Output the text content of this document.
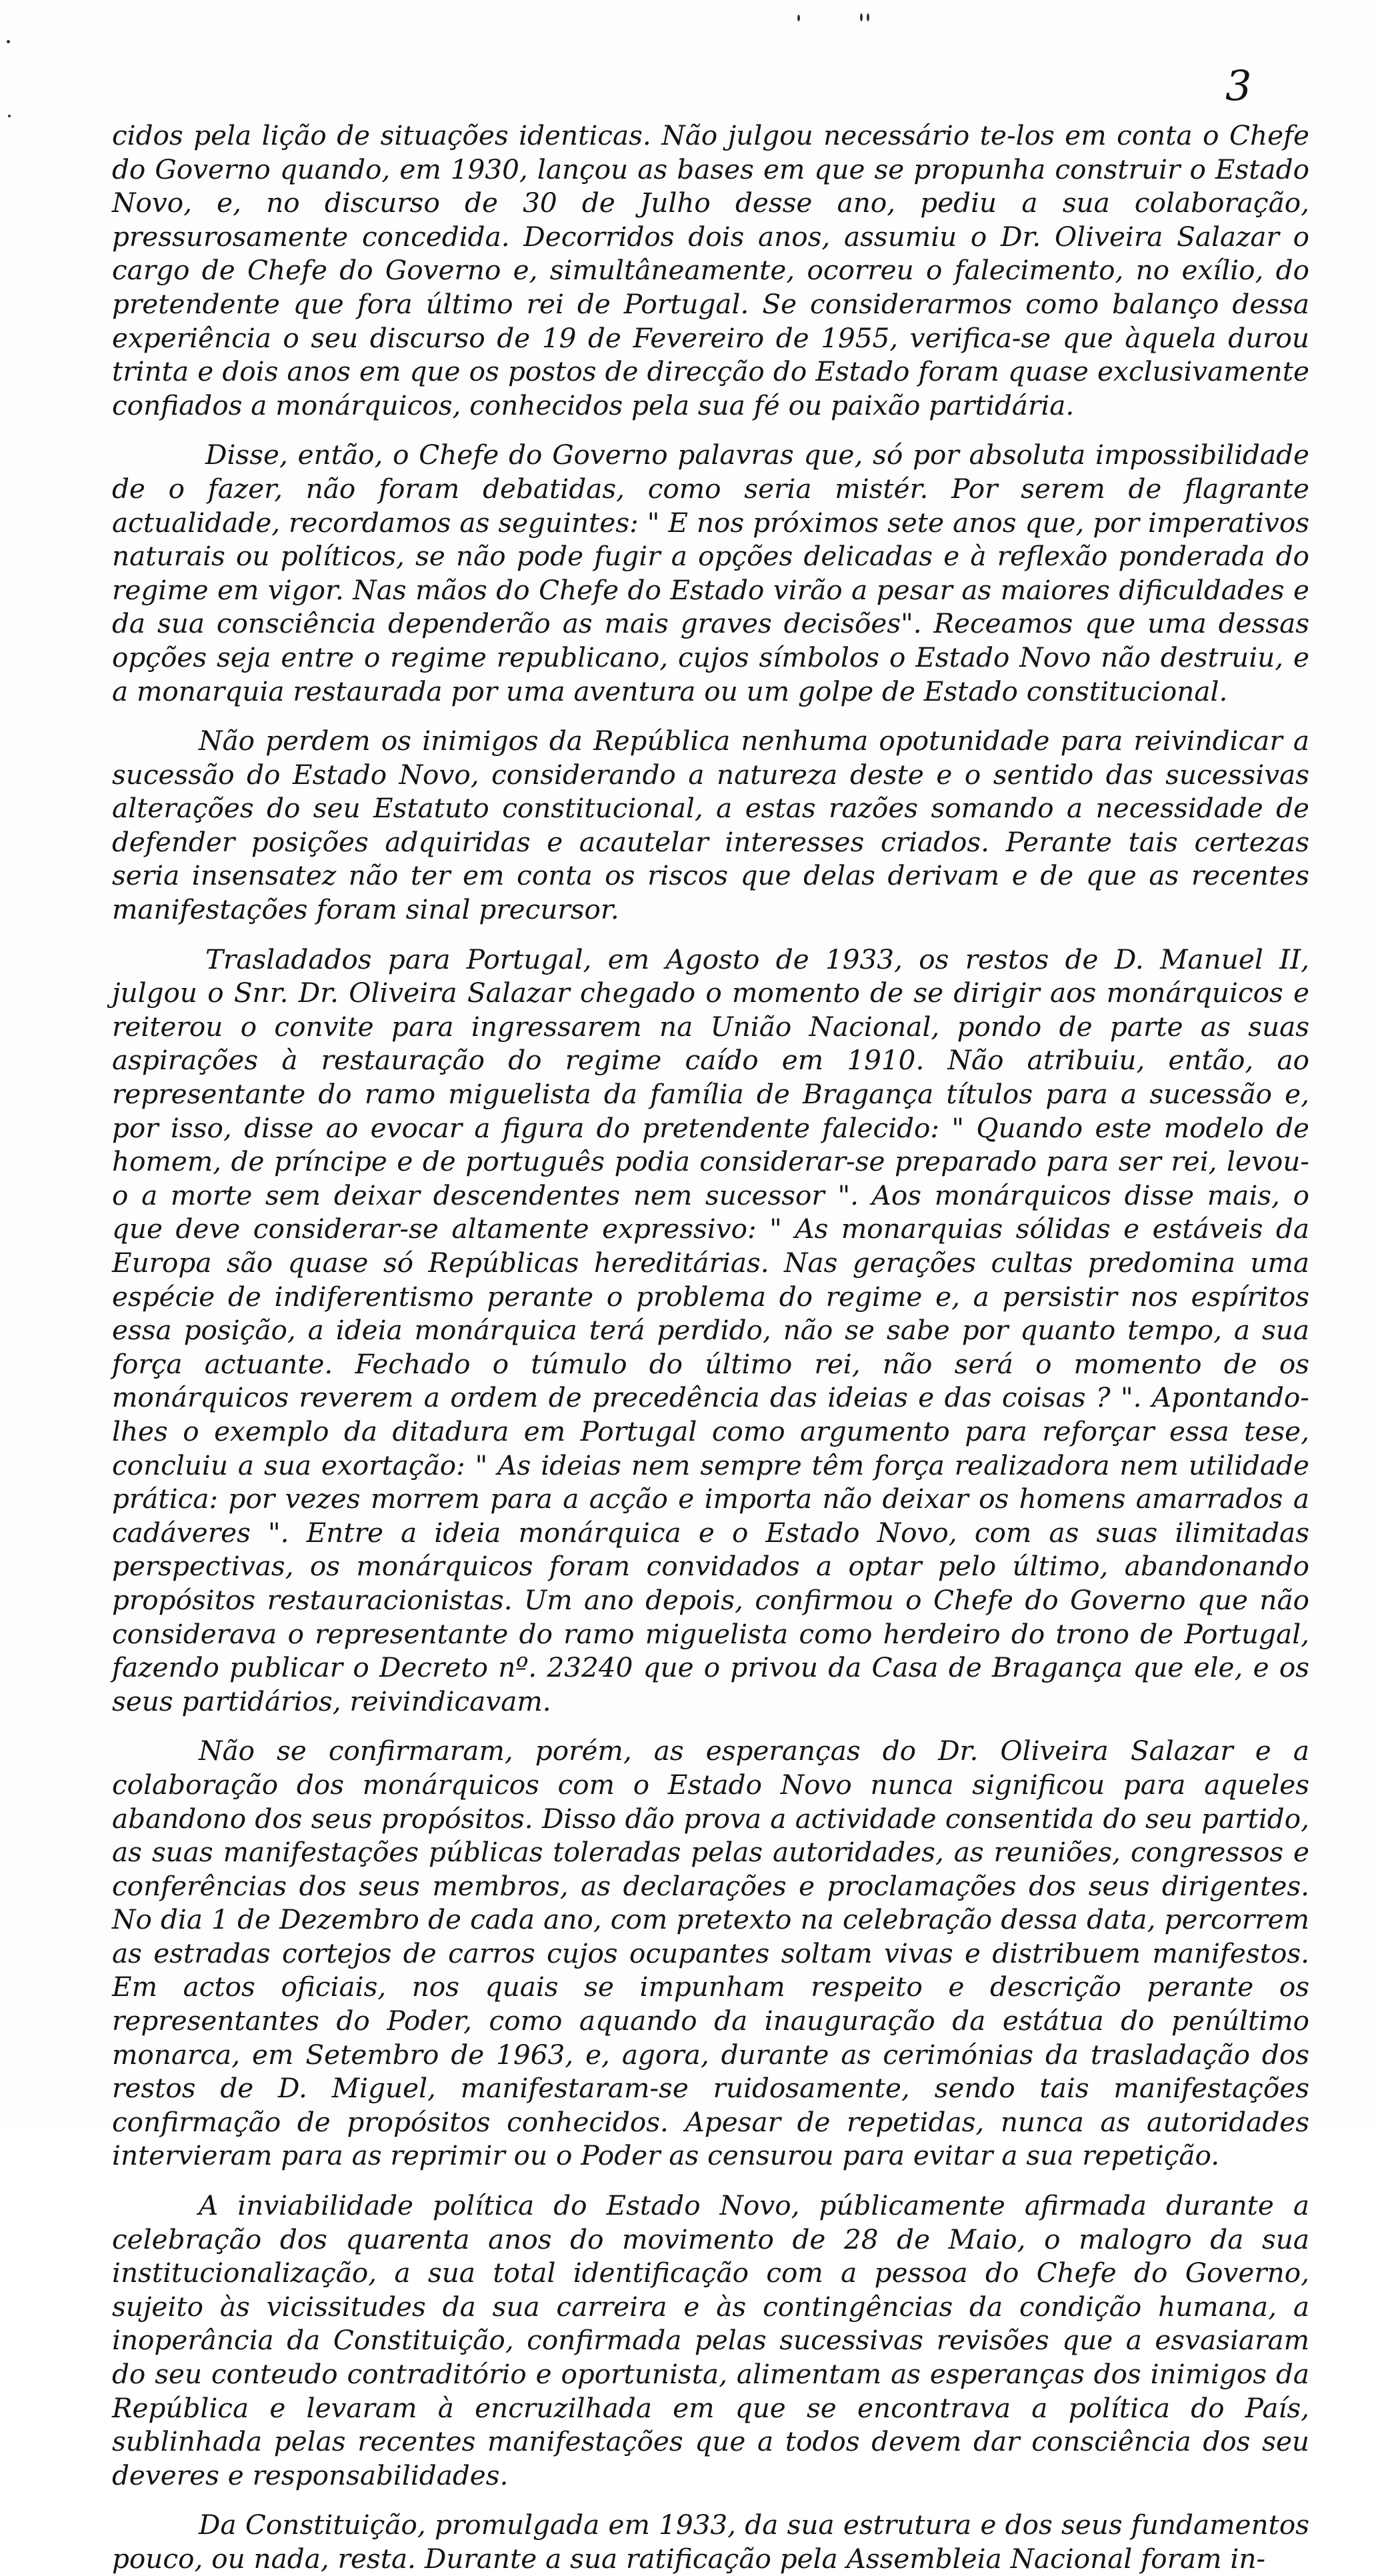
3

cidos pela lição de situações identicas. Não julgou necessário te-los em conta o Chefe do Governo quando, em 1930, lançou as bases em que se propunha construir o Estado Novo, e, no discurso de 30 de Julho desse ano, pediu a sua colaboração, pressurosamente concedida. Decorridos dois anos, assumiu o Dr. Oliveira Salazar o cargo de Chefe do Governo e, simultâneamente, ocorreu o falecimento, no exílio, do pretendente que fora último rei de Portugal. Se considerarmos como balanço dessa experiência o seu discurso de 19 de Fevereiro de 1955, verifica-se que àquela durou trinta e dois anos em que os postos de direcção do Estado foram quase exclusivamente confiados a monárquicos, conhecidos pela sua fé ou paixão partidária.

Disse, então, o Chefe do Governo palavras que, só por absoluta impossibilidade de o fazer, não foram debatidas, como seria mistér. Por serem de flagrante actualidade, recordamos as seguintes: " E nos próximos sete anos que, por imperativos naturais ou políticos, se não pode fugir a opções delicadas e à reflexão ponderada do regime em vigor. Nas mãos do Chefe do Estado virão a pesar as maiores dificuldades e da sua consciência dependerão as mais graves decisões". Receamos que uma dessas opções seja entre o regime republicano, cujos símbolos o Estado Novo não destruiu, e a monarquia restaurada por uma aventura ou um golpe de Estado constitucional.

Não perdem os inimigos da República nenhuma opotunidade para reivindicar a sucessão do Estado Novo, considerando a natureza deste e o sentido das sucessivas alterações do seu Estatuto constitucional, a estas razões somando a necessidade de defender posições adquiridas e acautelar interesses criados. Perante tais certezas seria insensatez não ter em conta os riscos que delas derivam e de que as recentes manifestações foram sinal precursor.

Trasladados para Portugal, em Agosto de 1933, os restos de D. Manuel II, julgou o Snr. Dr. Oliveira Salazar chegado o momento de se dirigir aos monárquicos e reiterou o convite para ingressarem na União Nacional, pondo de parte as suas aspirações à restauração do regime caído em 1910. Não atribuiu, então, ao representante do ramo miguelista da família de Bragança títulos para a sucessão e, por isso, disse ao evocar a figura do pretendente falecido: " Quando este modelo de homem, de príncipe e de português podia considerar-se preparado para ser rei, levou-o a morte sem deixar descendentes nem sucessor ". Aos monárquicos disse mais, o que deve considerar-se altamente expressivo: " As monarquias sólidas e estáveis da Europa são quase só Repúblicas hereditárias. Nas gerações cultas predomina uma espécie de indiferentismo perante o problema do regime e, a persistir nos espíritos essa posição, a ideia monárquica terá perdido, não se sabe por quanto tempo, a sua força actuante. Fechado o túmulo do último rei, não será o momento de os monárquicos reverem a ordem de precedência das ideias e das coisas ? ". Apontando-lhes o exemplo da ditadura em Portugal como argumento para reforçar essa tese, concluiu a sua exortação: " As ideias nem sempre têm força realizadora nem utilidade prática: por vezes morrem para a acção e importa não deixar os homens amarrados a cadáveres ". Entre a ideia monárquica e o Estado Novo, com as suas ilimitadas perspectivas, os monárquicos foram convidados a optar pelo último, abandonando propósitos restauracionistas. Um ano depois, confirmou o Chefe do Governo que não considerava o representante do ramo miguelista como herdeiro do trono de Portugal, fazendo publicar o Decreto nº. 23240 que o privou da Casa de Bragança que ele, e os seus partidários, reivindicavam.

Não se confirmaram, porém, as esperanças do Dr. Oliveira Salazar e a colaboração dos monárquicos com o Estado Novo nunca significou para aqueles abandono dos seus propósitos. Disso dão prova a actividade consentida do seu partido, as suas manifestações públicas toleradas pelas autoridades, as reuniões, congressos e conferências dos seus membros, as declarações e proclamações dos seus dirigentes. No dia 1 de Dezembro de cada ano, com pretexto na celebração dessa data, percorrem as estradas cortejos de carros cujos ocupantes soltam vivas e distribuem manifestos. Em actos oficiais, nos quais se impunham respeito e descrição perante os representantes do Poder, como aquando da inauguração da estátua do penúltimo monarca, em Setembro de 1963, e, agora, durante as cerimónias da trasladação dos restos de D. Miguel, manifestaram-se ruidosamente, sendo tais manifestações confirmação de propósitos conhecidos. Apesar de repetidas, nunca as autoridades intervieram para as reprimir ou o Poder as censurou para evitar a sua repetição.

A inviabilidade política do Estado Novo, públicamente afirmada durante a celebração dos quarenta anos do movimento de 28 de Maio, o malogro da sua institucionalização, a sua total identificação com a pessoa do Chefe do Governo, sujeito às vicissitudes da sua carreira e às contingências da condição humana, a inoperância da Constituição, confirmada pelas sucessivas revisões que a esvasiaram do seu conteudo contraditório e oportunista, alimentam as esperanças dos inimigos da República e levaram à encruzilhada em que se encontrava a política do País, sublinhada pelas recentes manifestações que a todos devem dar consciência dos seu deveres e responsabilidades.

Da Constituição, promulgada em 1933, da sua estrutura e dos seus fundamentos pouco, ou nada, resta. Durante a sua ratificação pela Assembleia Nacional foram in-
